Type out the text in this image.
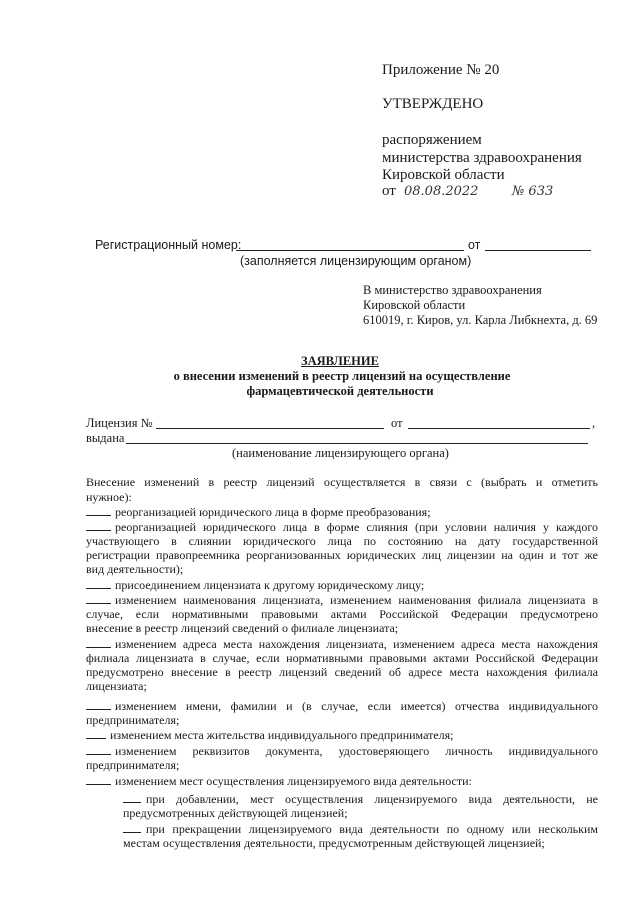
Приложение № 20
УТВЕРЖДЕНО
распоряжением
министерства здравоохранения
Кировской области
от 08.08.2022	№ 633
Регистрационный номер:	от
(заполняется лицензирующим органом)
В министерство здравоохранения
Кировской области
610019, г. Киров, ул. Карла Либкнехта, д. 69
ЗАЯВЛЕНИЕ
о внесении изменений в реестр лицензий на осуществление
фармацевтической деятельности
Лицензия №	от	,
выдана
(наименование лицензирующего органа)
Внесение изменений в реестр лицензий осуществляется в связи с (выбрать и отметить
нужное):
реорганизацией юридического лица в форме преобразования;
реорганизацией юридического лица в форме слияния (при условии наличия у каждого
участвующего в слиянии юридического лица по состоянию на дату государственной
регистрации правопреемника реорганизованных юридических лиц лицензии на один и тот же
вид деятельности);
присоединением лицензиата к другому юридическому лицу;
изменением наименования лицензиата, изменением наименования филиала лицензиата в
случае, если нормативными правовыми актами Российской Федерации предусмотрено
внесение в реестр лицензий сведений о филиале лицензиата;
изменением адреса места нахождения лицензиата, изменением адреса места нахождения
филиала лицензиата в случае, если нормативными правовыми актами Российской Федерации
предусмотрено внесение в реестр лицензий сведений об адресе места нахождения филиала
лицензиата;
изменением имени, фамилии и (в случае, если имеется) отчества индивидуального
предпринимателя;
изменением места жительства индивидуального предпринимателя;
изменением реквизитов документа, удостоверяющего личность индивидуального
предпринимателя;
изменением мест осуществления лицензируемого вида деятельности:
при добавлении, мест осуществления лицензируемого вида деятельности, не
предусмотренных действующей лицензией;
при прекращении лицензируемого вида деятельности по одному или нескольким
местам осуществления деятельности, предусмотренным действующей лицензией;
